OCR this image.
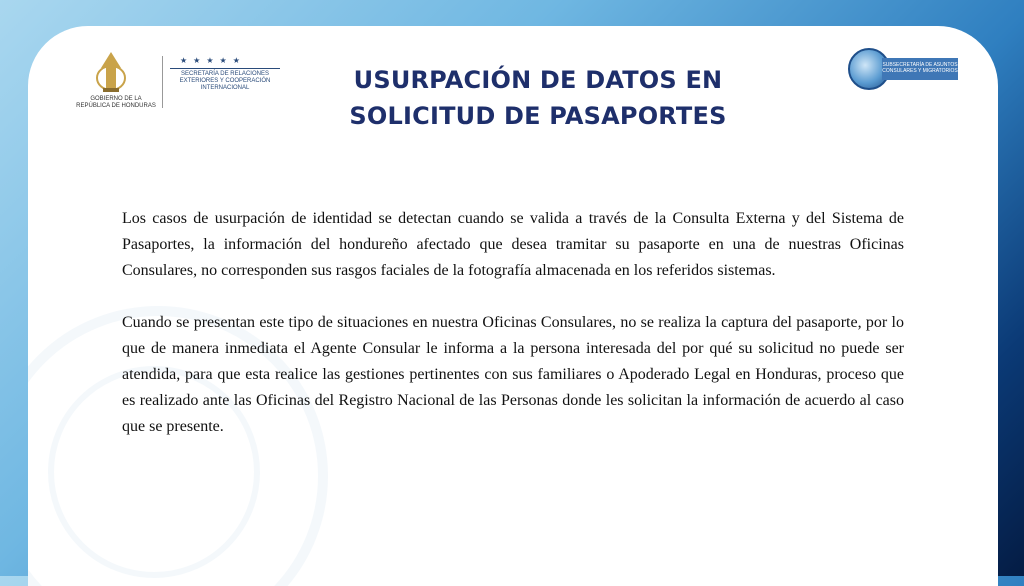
GOBIERNO DE LA
REPÚBLICA DE HONDURAS
★ ★ ★ ★ ★
SECRETARÍA DE RELACIONES EXTERIORES Y COOPERACIÓN INTERNACIONAL
SUBSECRETARÍA DE ASUNTOS CONSULARES Y MIGRATORIOS
USURPACIÓN DE DATOS EN
SOLICITUD DE PASAPORTES

Los casos de usurpación de identidad se detectan cuando se valida a través de la Consulta Externa y del Sistema de Pasaportes, la información del hondureño afectado que desea tramitar su pasaporte en una de nuestras Oficinas Consulares, no corresponden sus rasgos faciales de la fotografía almacenada en los referidos sistemas.

Cuando se presentan este tipo de situaciones en nuestra Oficinas Consulares, no se realiza la captura del pasaporte, por lo que de manera inmediata el Agente Consular le informa a la persona interesada del por qué su solicitud no puede ser atendida, para que esta realice las gestiones pertinentes con sus familiares o Apoderado Legal en Honduras, proceso que es realizado ante las Oficinas del Registro Nacional de las Personas donde les solicitan la información de acuerdo al caso que se presente.
